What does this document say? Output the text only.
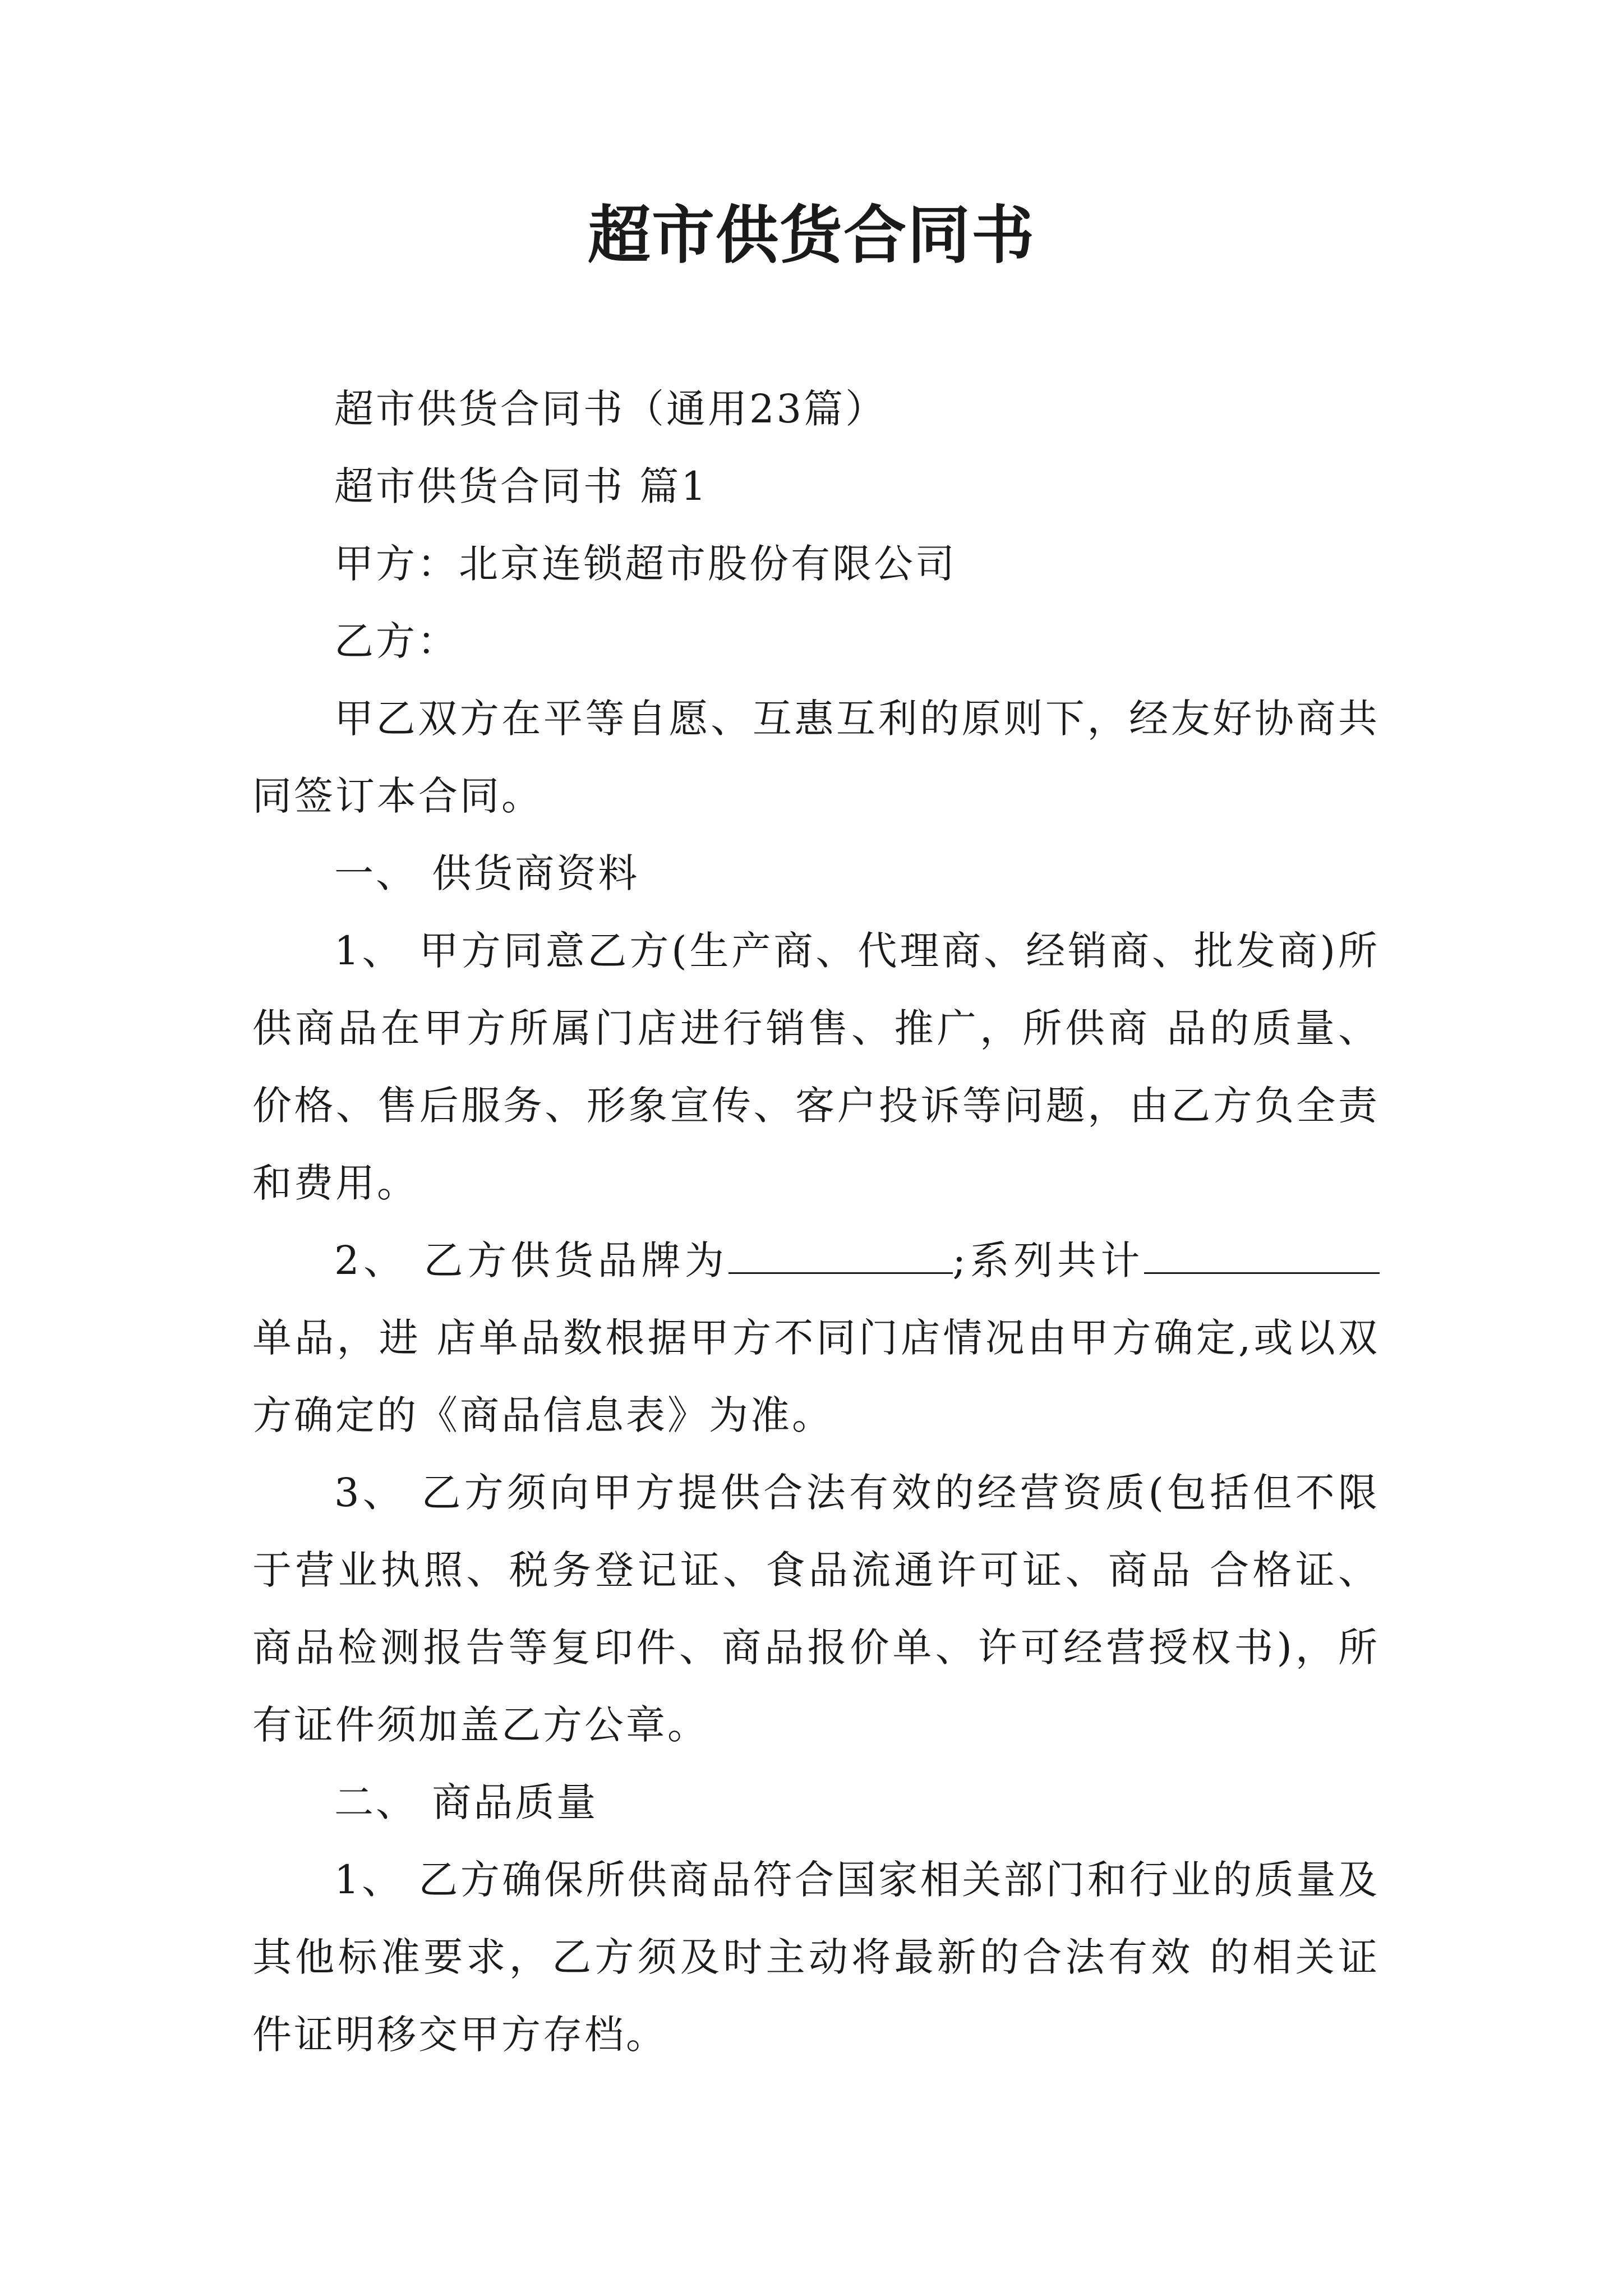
超市供货合同书

超市供货合同书（通用23篇）

超市供货合同书 篇1

甲方：北京连锁超市股份有限公司

乙方：

甲乙双方在平等自愿、互惠互利的原则下，经友好协商共同签订本合同。

一、 供货商资料

1、 甲方同意乙方(生产商、代理商、经销商、批发商)所供商品在甲方所属门店进行销售、推广，所供商 品的质量、价格、售后服务、形象宣传、客户投诉等问题，由乙方负全责和费用。

2、 乙方供货品牌为	;系列共计单品，进 店单品数根据甲方不同门店情况由甲方确定,或以双方确定的《商品信息表》为准。

3、 乙方须向甲方提供合法有效的经营资质(包括但不限于营业执照、税务登记证、食品流通许可证、商品 合格证、商品检测报告等复印件、商品报价单、许可经营授权书)，所有证件须加盖乙方公章。

二、 商品质量

1、 乙方确保所供商品符合国家相关部门和行业的质量及其他标准要求，乙方须及时主动将最新的合法有效 的相关证件证明移交甲方存档。
